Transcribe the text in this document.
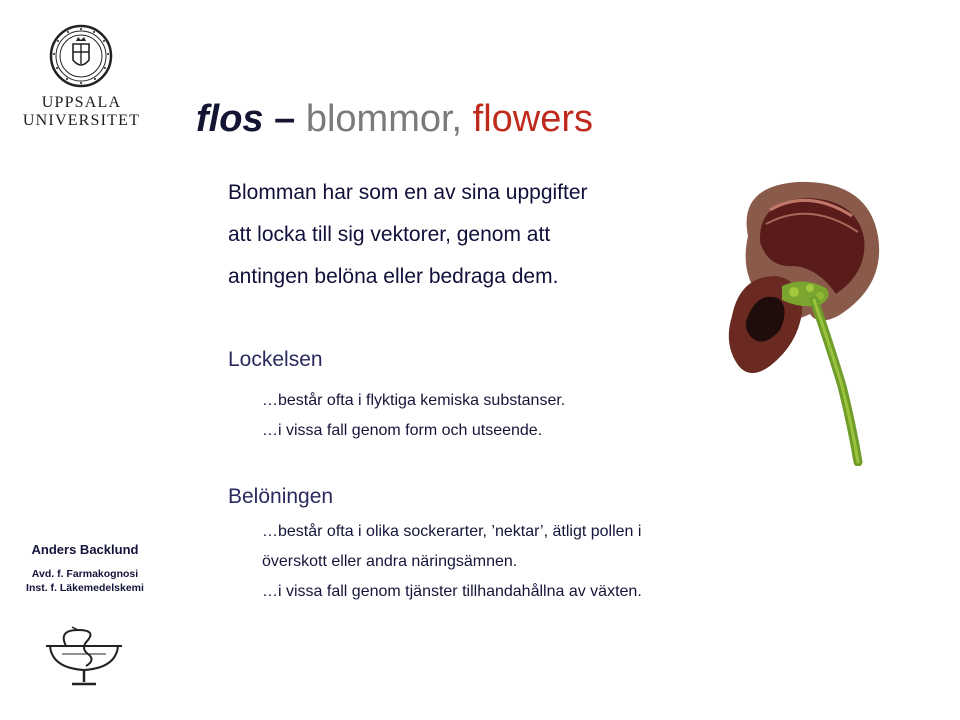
UPPSALA
UNIVERSITET
Anders Backlund
Avd. f. Farmakognosi
Inst. f. Läkemedelskemi
flos – blommor, flowers
Blomman har som en av sina uppgifter
att locka till sig vektorer, genom att
antingen belöna eller bedraga dem.
Lockelsen
…består ofta i flyktiga kemiska substanser.
…i vissa fall genom form och utseende.
Belöningen
…består ofta i olika sockerarter, ’nektar’, ätligt pollen i
överskott eller andra näringsämnen.
…i vissa fall genom tjänster tillhandahållna av växten.
